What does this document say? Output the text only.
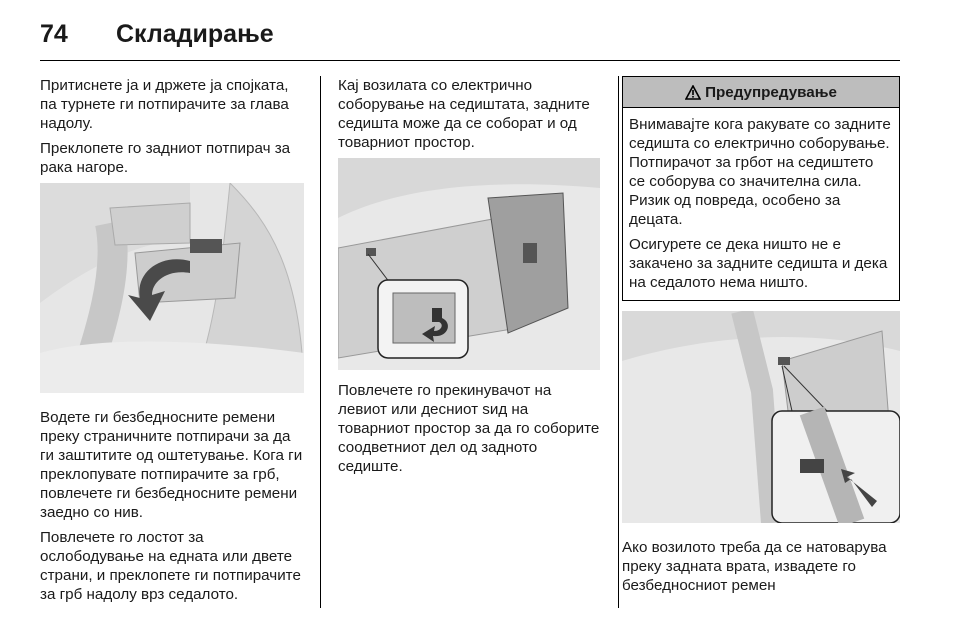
74	Складирање

Притиснете ја и држете ја спојката, па турнете ги потпирачите за глава надолу.

Преклопете го задниот потпирач за рака нагоре.

Водете ги безбедносните ремени преку страничните потпирачи за да ги заштитите од оштетување. Кога ги преклопувате потпирачите за грб, повлечете ги безбедносните ремени заедно со нив.

Повлечете го лостот за ослободување на едната или двете страни, и преклопете ги потпирачите за грб надолу врз седалото.

Кај возилата со електрично соборување на седиштата, задните седишта може да се соборат и од товарниот простор.

Повлечете го прекинувачот на левиот или десниот ѕид на товарниот простор за да го соборите соодветниот дел од задното седиште.

Предупредување

Внимавајте кога ракувате со задните седишта со електрично соборување. Потпирачот за грбот на седиштето се соборува со значителна сила. Ризик од повреда, особено за децата.

Осигурете се дека ништо не е закачено за задните седишта и дека на седалото нема ништо.

Ако возилото треба да се натоварува преку задната врата, извадете го безбедносниот ремен
